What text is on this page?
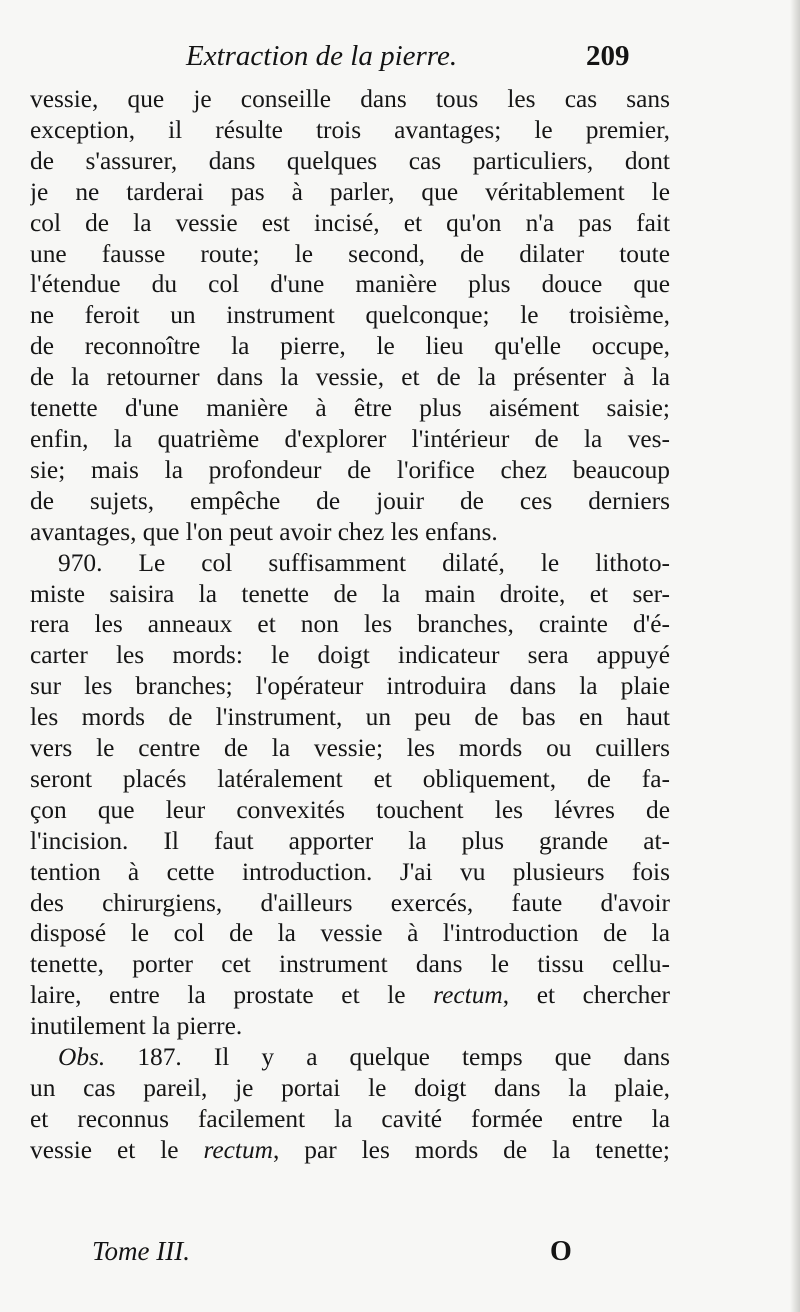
Extraction de la pierre.	209
vessie, que je conseille dans tous les cas sans
exception, il résulte trois avantages; le premier,
de s'assurer, dans quelques cas particuliers, dont
je ne tarderai pas à parler, que véritablement le
col de la vessie est incisé, et qu'on n'a pas fait
une fausse route; le second, de dilater toute
l'étendue du col d'une manière plus douce que
ne feroit un instrument quelconque; le troisième,
de reconnoître la pierre, le lieu qu'elle occupe,
de la retourner dans la vessie, et de la présenter à la
tenette d'une manière à être plus aisément saisie;
enfin, la quatrième d'explorer l'intérieur de la ves-
sie; mais la profondeur de l'orifice chez beaucoup
de sujets, empêche de jouir de ces derniers
avantages, que l'on peut avoir chez les enfans.
970. Le col suffisamment dilaté, le lithoto-
miste saisira la tenette de la main droite, et ser-
rera les anneaux et non les branches, crainte d'é-
carter les mords: le doigt indicateur sera appuyé
sur les branches; l'opérateur introduira dans la plaie
les mords de l'instrument, un peu de bas en haut
vers le centre de la vessie; les mords ou cuillers
seront placés latéralement et obliquement, de fa-
çon que leur convexités touchent les lévres de
l'incision. Il faut apporter la plus grande at-
tention à cette introduction. J'ai vu plusieurs fois
des chirurgiens, d'ailleurs exercés, faute d'avoir
disposé le col de la vessie à l'introduction de la
tenette, porter cet instrument dans le tissu cellu-
laire, entre la prostate et le rectum, et chercher
inutilement la pierre.
Obs. 187. Il y a quelque temps que dans
un cas pareil, je portai le doigt dans la plaie,
et reconnus facilement la cavité formée entre la
vessie et le rectum, par les mords de la tenette;
Tome III.	O
